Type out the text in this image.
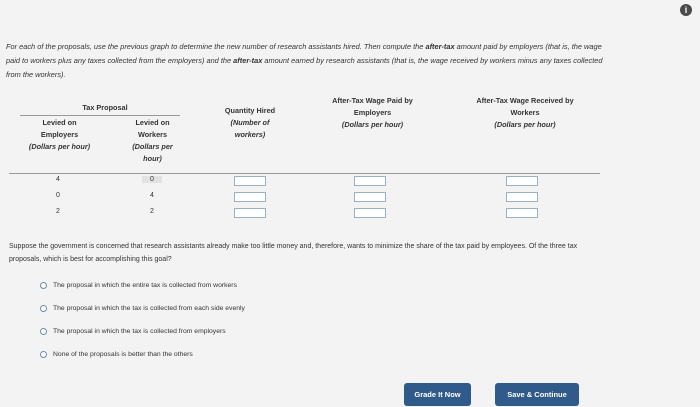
i
For each of the proposals, use the previous graph to determine the new number of research assistants hired. Then compute the after-tax amount paid by employers (that is, the wage paid to workers plus any taxes collected from the employers) and the after-tax amount earned by research assistants (that is, the wage received by workers minus any taxes collected from the workers).
Tax Proposal
Levied on
Employers
(Dollars per hour)
Levied on
Workers
(Dollars per
hour)
Quantity Hired
(Number of
workers)
After-Tax Wage Paid by
Employers
(Dollars per hour)
After-Tax Wage Received by
Workers
(Dollars per hour)
4	0
0	4
2	2
Suppose the government is concerned that research assistants already make too little money and, therefore, wants to minimize the share of the tax paid by employees. Of the three tax proposals, which is best for accomplishing this goal?
The proposal in which the entire tax is collected from workers
The proposal in which the tax is collected from each side evenly
The proposal in which the tax is collected from employers
None of the proposals is better than the others
Grade It Now	Save & Continue
